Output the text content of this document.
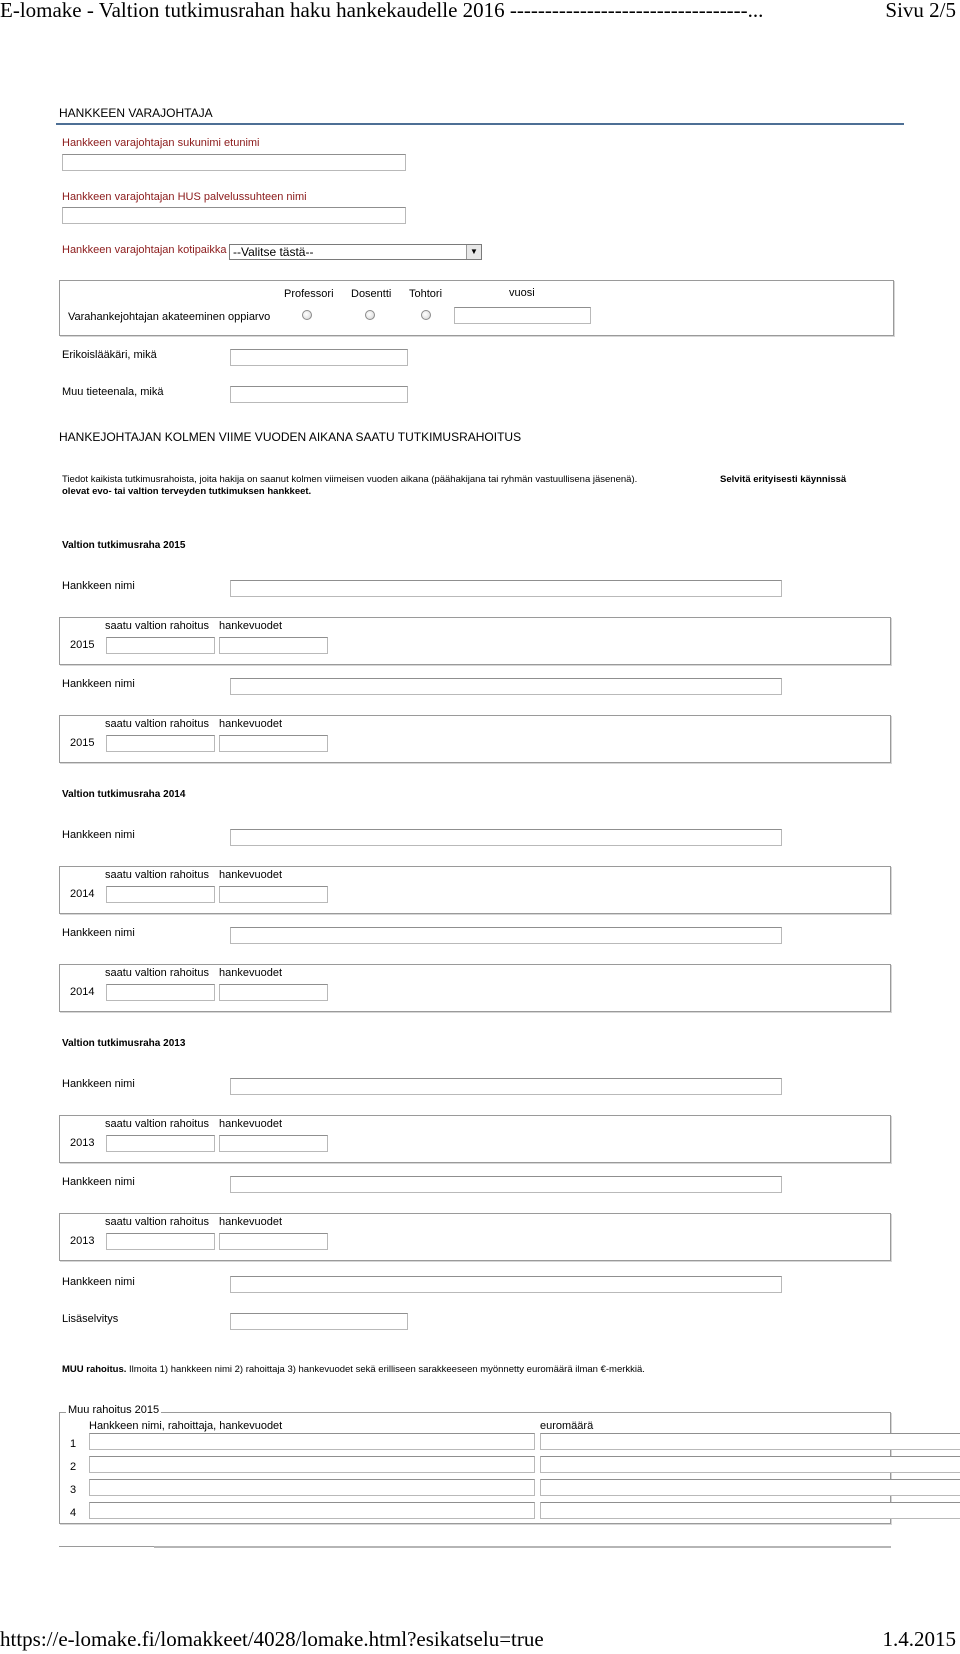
E-lomake - Valtion tutkimusrahan haku hankekaudelle 2016 ----------------------------------...	Sivu 2/5
HANKKEEN VARAJOHTAJA
Hankkeen varajohtajan sukunimi etunimi
Hankkeen varajohtajan HUS palvelussuhteen nimi
Hankkeen varajohtajan kotipaikka --Valitse tästä--	▼
Professori Dosentti Tohtori	vuosi
Varahankejohtajan akateeminen oppiarvo
Erikoislääkäri, mikä
Muu tieteenala, mikä
HANKEJOHTAJAN KOLMEN VIIME VUODEN AIKANA SAATU TUTKIMUSRAHOITUS
Tiedot kaikista tutkimusrahoista, joita hakija on saanut kolmen viimeisen vuoden aikana (päähakijana tai ryhmän vastuullisena jäsenenä).	Selvitä erityisesti käynnissä
olevat evo- tai valtion terveyden tutkimuksen hankkeet.
Valtion tutkimusraha 2015
Hankkeen nimi
saatu valtion rahoitus hankevuodet
2015
Hankkeen nimi
saatu valtion rahoitus hankevuodet
2015
Valtion tutkimusraha 2014
Hankkeen nimi
saatu valtion rahoitus hankevuodet
2014
Hankkeen nimi
saatu valtion rahoitus hankevuodet
2014
Valtion tutkimusraha 2013
Hankkeen nimi
saatu valtion rahoitus hankevuodet
2013
Hankkeen nimi
saatu valtion rahoitus hankevuodet
2013
Hankkeen nimi
Lisäselvitys
MUU rahoitus. Ilmoita 1) hankkeen nimi 2) rahoittaja 3) hankevuodet sekä erilliseen sarakkeeseen myönnetty euromäärä ilman €-merkkiä.
Muu rahoitus 2015
Hankkeen nimi, rahoittaja, hankevuodet	euromäärä
1
2
3
4
https://e-lomake.fi/lomakkeet/4028/lomake.html?esikatselu=true	1.4.2015
